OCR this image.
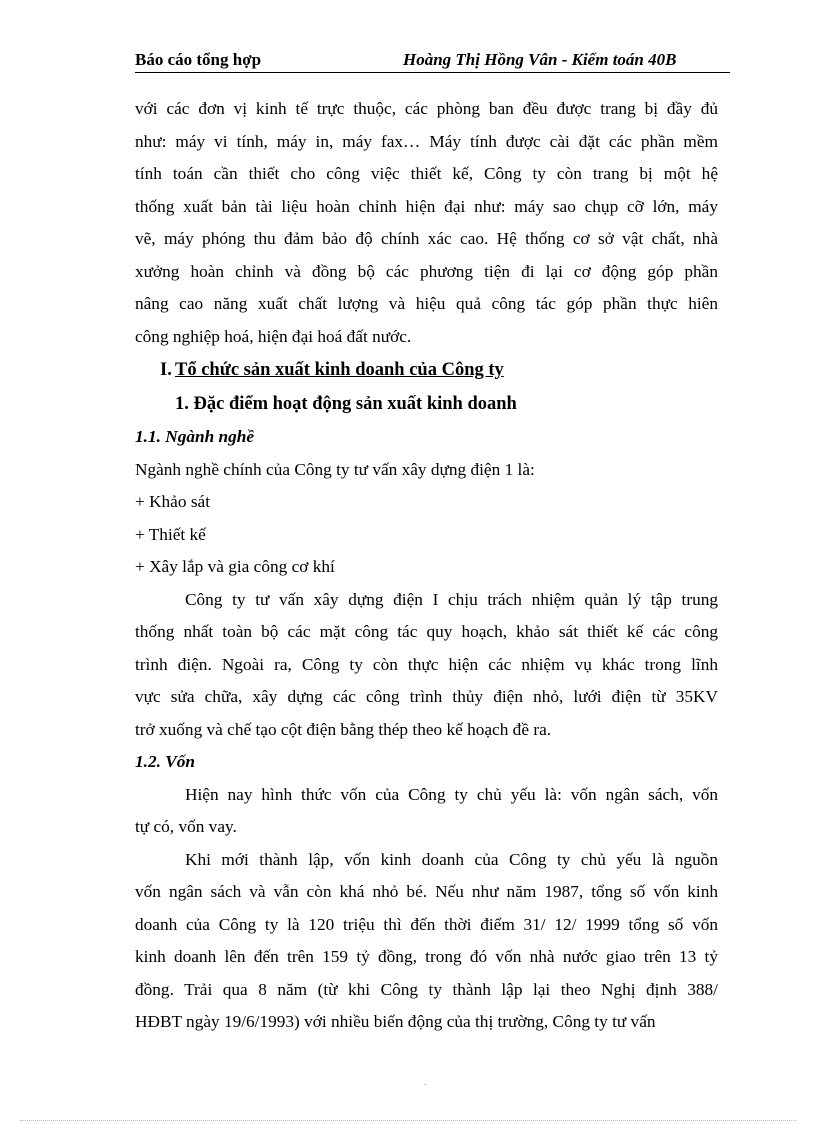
Báo cáo tổng hợp	Hoàng Thị Hồng Vân - Kiểm toán 40B

với các đơn vị kinh tế trực thuộc, các phòng ban đều được trang bị đầy đủ

như: máy vi tính, máy in, máy fax… Máy tính được cài đặt các phần mềm

tính toán cần thiết cho công việc thiết kế, Công ty còn trang bị một hệ

thống xuất bản tài liệu hoàn chỉnh hiện đại như: máy sao chụp cỡ lớn, máy

vẽ, máy phóng thu đảm bảo độ chính xác cao. Hệ thống cơ sở vật chất, nhà

xưởng hoàn chỉnh và đồng bộ các phương tiện đi lại cơ động góp phần

nâng cao năng xuất chất lượng và hiệu quả công tác góp phần thực hiên

công nghiệp hoá, hiện đại hoá đất nước.

I. Tổ chức sản xuất kinh doanh của Công ty
1. Đặc điểm hoạt động sản xuất kinh doanh

1.1. Ngành nghề

Ngành nghề chính của Công ty tư vấn xây dựng điện 1 là:

+ Khảo sát

+ Thiết kế

+ Xây lắp và gia công cơ khí

Công ty tư vấn xây dựng điện I chịu trách nhiệm quản lý tập trung

thống nhất toàn bộ các mặt công tác quy hoạch, khảo sát thiết kế các công

trình điện. Ngoài ra, Công ty còn thực hiện các nhiệm vụ khác trong lĩnh

vực sửa chữa, xây dựng các công trình thủy điện nhỏ, lưới điện từ 35KV

trở xuống và chế tạo cột điện bằng thép theo kế hoạch đề ra.

1.2. Vốn

Hiện nay hình thức vốn của Công ty chủ yếu là: vốn ngân sách, vốn

tự có, vốn vay.

Khi mới thành lập, vốn kinh doanh của Công ty chủ yếu là nguồn

vốn ngân sách và vẫn còn khá nhỏ bé. Nếu như năm 1987, tổng số vốn kinh

doanh của Công ty là 120 triệu thì đến thời điểm 31/ 12/ 1999 tổng số vốn

kinh doanh lên đến trên 159 tỷ đồng, trong đó vốn nhà nước giao trên 13 tỷ

đồng. Trải qua 8 năm (từ khi Công ty thành lập lại theo Nghị định 388/

HĐBT ngày 19/6/1993) với nhiều biến động của thị trường, Công ty tư vấn

.
